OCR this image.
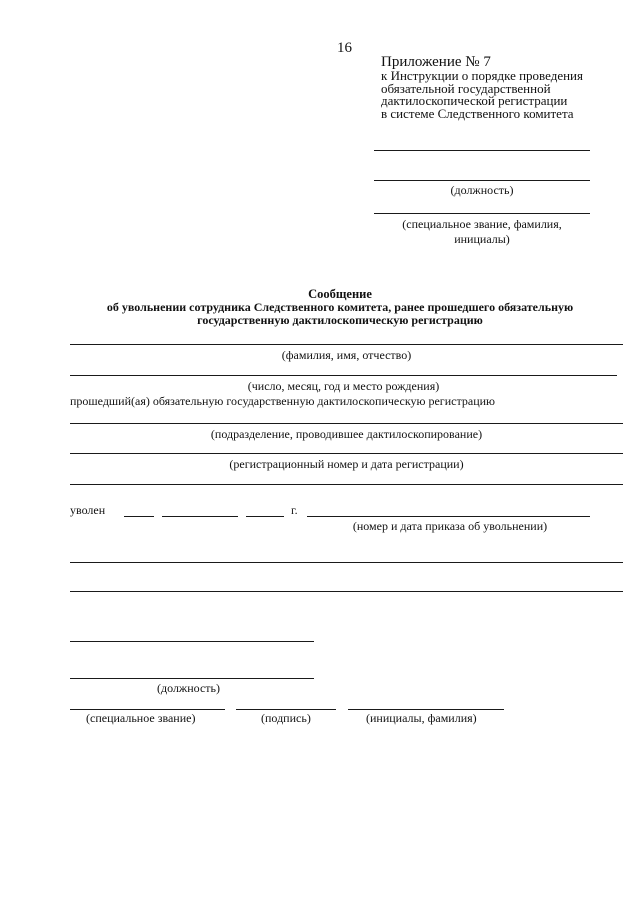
16
Приложение № 7
к Инструкции о порядке проведения
обязательной государственной
дактилоскопической регистрации
в системе Следственного комитета
(должность)
(специальное звание, фамилия,
инициалы)
Сообщение
об увольнении сотрудника Следственного комитета, ранее прошедшего обязательную
государственную дактилоскопическую регистрацию
(фамилия, имя, отчество)
(число, месяц, год и место рождения)
прошедший(ая) обязательную государственную дактилоскопическую регистрацию
(подразделение, проводившее дактилоскопирование)
(регистрационный номер и дата регистрации)
уволен	г.
(номер и дата приказа об увольнении)
(должность)
(специальное звание)	(подпись)	(инициалы, фамилия)
